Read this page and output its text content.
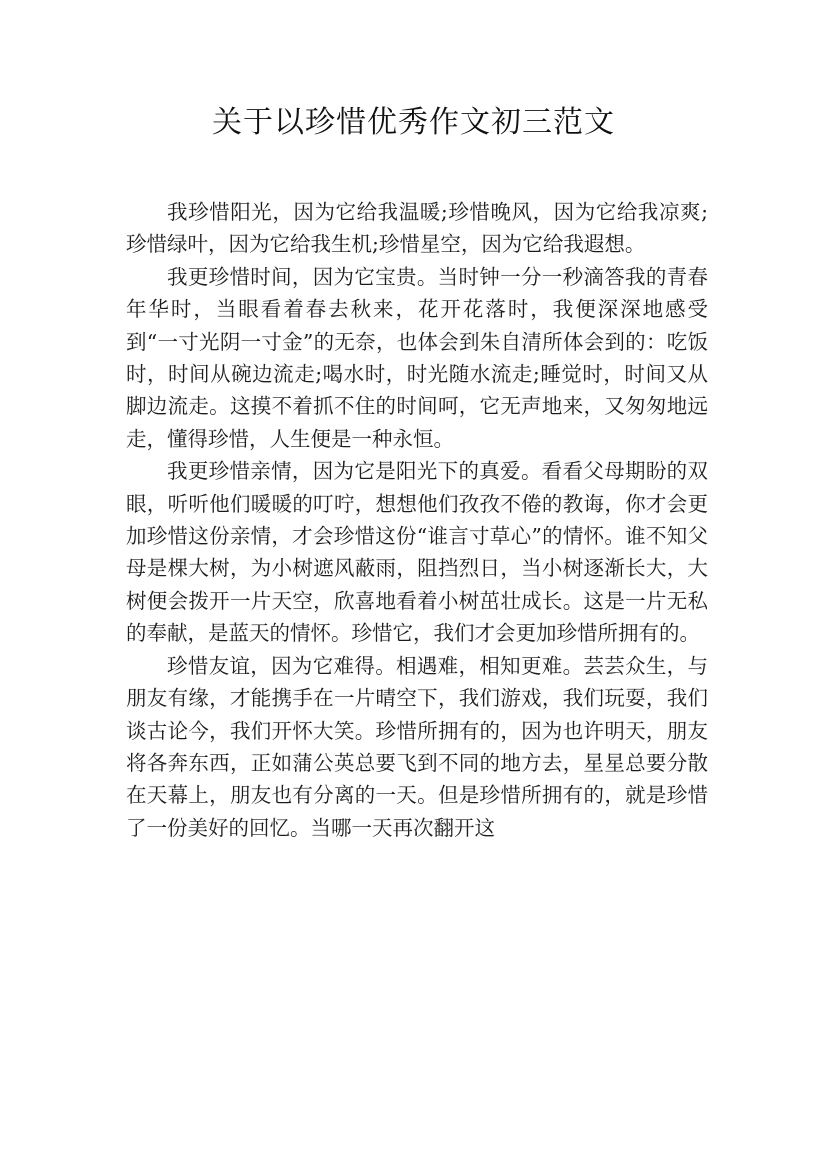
关于以珍惜优秀作文初三范文

我珍惜阳光，因为它给我温暖;珍惜晚风，因为它给我凉爽;珍惜绿叶，因为它给我生机;珍惜星空，因为它给我遐想。

我更珍惜时间，因为它宝贵。当时钟一分一秒滴答我的青春年华时，当眼看着春去秋来，花开花落时，我便深深地感受到“一寸光阴一寸金”的无奈，也体会到朱自清所体会到的：吃饭时，时间从碗边流走;喝水时，时光随水流走;睡觉时，时间又从脚边流走。这摸不着抓不住的时间呵，它无声地来，又匆匆地远走，懂得珍惜，人生便是一种永恒。

我更珍惜亲情，因为它是阳光下的真爱。看看父母期盼的双眼，听听他们暖暖的叮咛，想想他们孜孜不倦的教诲，你才会更加珍惜这份亲情，才会珍惜这份“谁言寸草心”的情怀。谁不知父母是棵大树，为小树遮风蔽雨，阻挡烈日，当小树逐渐长大，大树便会拨开一片天空，欣喜地看着小树茁壮成长。这是一片无私的奉献，是蓝天的情怀。珍惜它，我们才会更加珍惜所拥有的。

珍惜友谊，因为它难得。相遇难，相知更难。芸芸众生，与朋友有缘，才能携手在一片晴空下，我们游戏，我们玩耍，我们谈古论今，我们开怀大笑。珍惜所拥有的，因为也许明天，朋友将各奔东西，正如蒲公英总要飞到不同的地方去，星星总要分散在天幕上，朋友也有分离的一天。但是珍惜所拥有的，就是珍惜了一份美好的回忆。当哪一天再次翻开这
